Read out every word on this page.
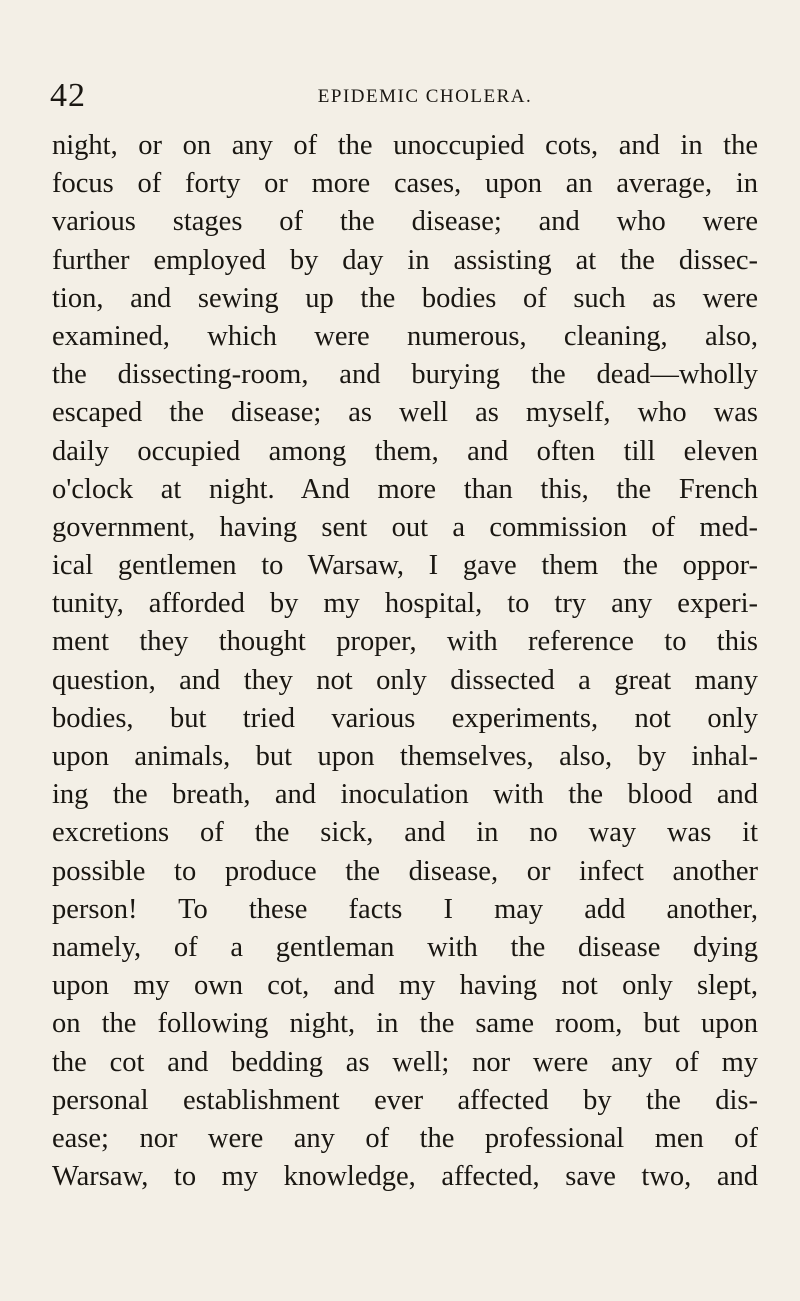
42	EPIDEMIC CHOLERA.
night, or on any of the unoccupied cots, and in the
focus of forty or more cases, upon an average, in
various stages of the disease; and who were
further employed by day in assisting at the dissec-
tion, and sewing up the bodies of such as were
examined, which were numerous, cleaning, also,
the dissecting-room, and burying the dead—wholly
escaped the disease; as well as myself, who was
daily occupied among them, and often till eleven
o'clock at night. And more than this, the French
government, having sent out a commission of med-
ical gentlemen to Warsaw, I gave them the oppor-
tunity, afforded by my hospital, to try any experi-
ment they thought proper, with reference to this
question, and they not only dissected a great many
bodies, but tried various experiments, not only
upon animals, but upon themselves, also, by inhal-
ing the breath, and inoculation with the blood and
excretions of the sick, and in no way was it
possible to produce the disease, or infect another
person! To these facts I may add another,
namely, of a gentleman with the disease dying
upon my own cot, and my having not only slept,
on the following night, in the same room, but upon
the cot and bedding as well; nor were any of my
personal establishment ever affected by the dis-
ease; nor were any of the professional men of
Warsaw, to my knowledge, affected, save two, and
